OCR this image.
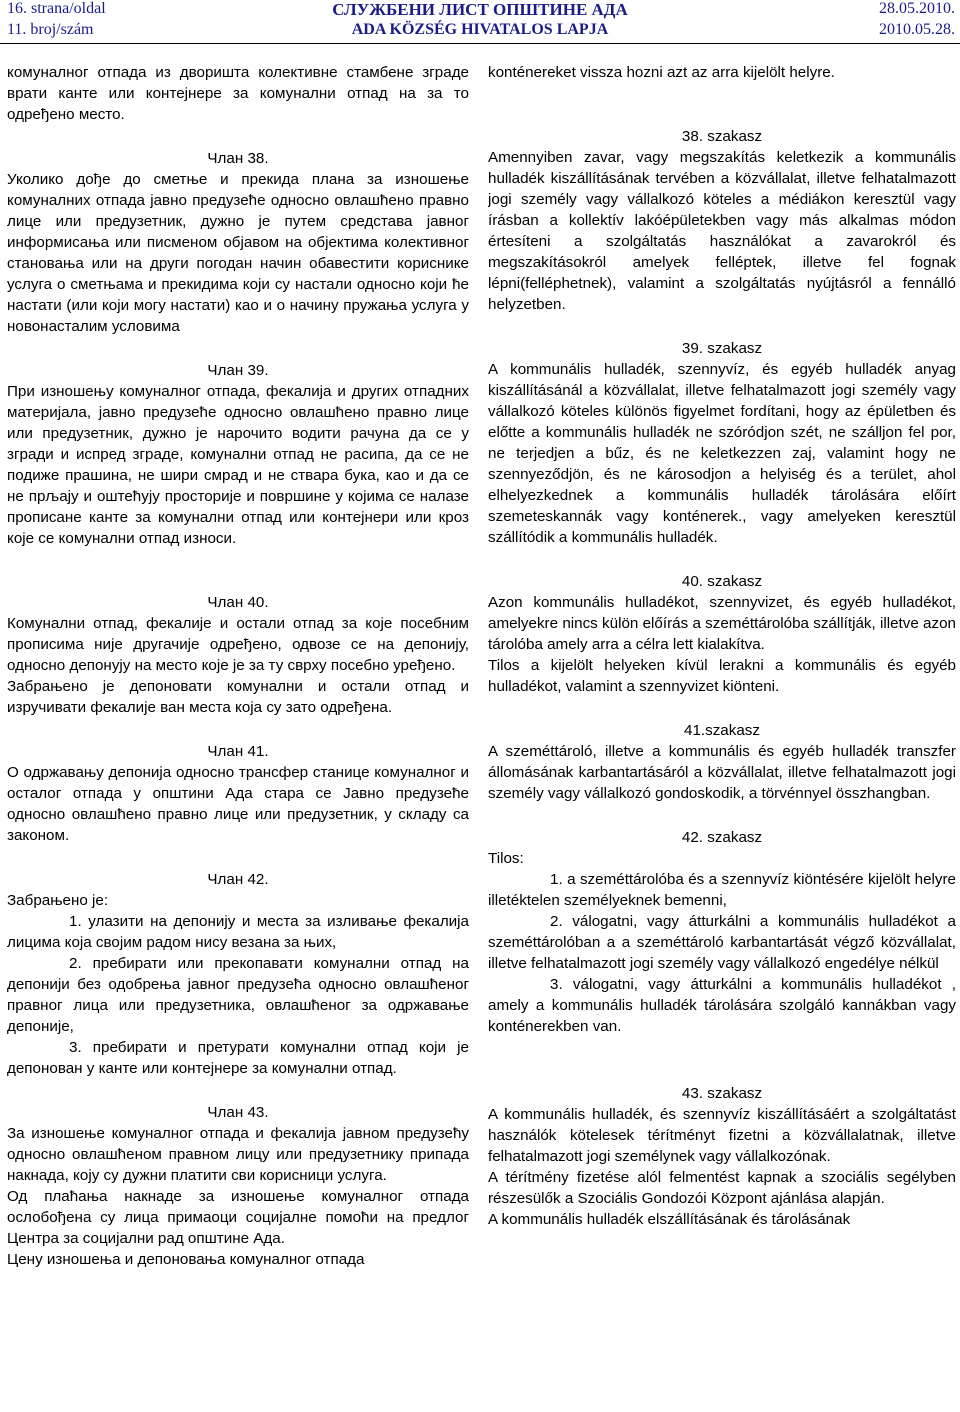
16. strana/oldal
11. broj/szám
СЛУЖБЕНИ ЛИСТ ОПШТИНЕ АДА
ADA KÖZSÉG HIVATALOS LAPJA
28.05.2010.
2010.05.28.

комуналног отпада из дворишта колективне стамбене зграде врати канте или контејнере за комунални отпад на за то одређено место.

Члан 38.

Уколико дође до сметње и прекида плана за изношење комуналних отпада јавно предузеће односно овлашћено правно лице или предузетник, дужно је путем средстава јавног информисања или писменом објавом на објектима колективног становања или на други погодан начин обавестити кориснике услуга о сметњама и прекидима који су настали односно који ће настати (или који могу настати) као и о начину пружања услуга у новонасталим условима

Члан 39.

При изношењу комуналног отпада, фекалија и других отпадних материјала, јавно предузеће односно овлашћено правно лице или предузетник, дужно је нарочито водити рачуна да се у згради и испред зграде, комунални отпад не расипа, да се не подиже прашина, не шири смрад и не ствара бука, као и да се не прљају и оштећују просторије и површине у којима се налазе прописане канте за комунални отпад или контејнери или кроз које се комунални отпад износи.

Члан 40.

Комунални отпад, фекалије и остали отпад за које посебним прописима није другачије одређено, одвозе се на депонију, односно депонују на место које је за ту сврху посебно уређено.

Забрањено је депоновати комунални и остали отпад и изручивати фекалије ван места која су зато одређена.

Члан 41.

О одржавању депонија односно трансфер станице комуналног и осталог отпада у општини Ада стара се Јавно предузеће односно овлашћено правно лице или предузетник, у складу са законом.

Члан 42.

Забрањено је:

1. улазити на депонију и места за изливање фекалија лицима која својим радом нису везана за њих,

2. пребирати или прекопавати комунални отпад на депонији без одобрења јавног предузећа односно овлашћеног правног лица или предузетника, овлашћеног за одржавање депоније,

3. пребирати и претурати комунални отпад који је депонован у канте или контејнере за комунални отпад.

Члан 43.

За изношење комуналног отпада и фекалија јавном предузећу односно овлашћеном правном лицу или предузетнику припада накнада, коју су дужни платити сви корисници услуга.

Од плаћања накнаде за изношење комуналног отпада ослобођена су лица примаоци социјалне помоћи на предлог Центра за социјални рад општине Ада.

Цену изношења и депоновања комуналног отпада

konténereket vissza hozni azt az arra kijelölt helyre.

38. szakasz

Amennyiben zavar, vagy megszakítás keletkezik a kommunális hulladék kiszállításának tervében a közvállalat, illetve felhatalmazott jogi személy vagy vállalkozó köteles a médiákon keresztül vagy írásban a kollektív lakóépületekben vagy más alkalmas módon értesíteni a szolgáltatás használókat a zavarokról és megszakításokról amelyek felléptek, illetve fel fognak lépni(felléphetnek), valamint a szolgáltatás nyújtásról a fennálló helyzetben.

39. szakasz

A kommunális hulladék, szennyvíz, és egyéb hulladék anyag kiszállításánál a közvállalat, illetve felhatalmazott jogi személy vagy vállalkozó köteles különös figyelmet fordítani, hogy az épületben és előtte a kommunális hulladék ne szóródjon szét, ne szálljon fel por, ne terjedjen a bűz, és ne keletkezzen zaj, valamint hogy ne szennyeződjön, és ne károsodjon a helyiség és a terület, ahol elhelyezkednek a kommunális hulladék tárolására előírt szemeteskannák vagy konténerek., vagy amelyeken keresztül szállítódik a kommunális hulladék.

40. szakasz

Azon kommunális hulladékot, szennyvizet, és egyéb hulladékot, amelyekre nincs külön előírás a szeméttárolóba szállítják, illetve azon tárolóba amely arra a célra lett kialakítva.

Tilos a kijelölt helyeken kívül lerakni a kommunális és egyéb hulladékot, valamint a szennyvizet kiönteni.

41.szakasz

A szeméttároló, illetve a kommunális és egyéb hulladék transzfer állomásának karbantartásáról a közvállalat, illetve felhatalmazott jogi személy vagy vállalkozó gondoskodik, a törvénnyel összhangban.

42. szakasz

Tilos:

1. a szeméttárolóba és a szennyvíz kiöntésére kijelölt helyre illetéktelen személyeknek bemenni,

2. válogatni, vagy átturkálni a kommunális hulladékot a szeméttárolóban a a szeméttároló karbantartását végző közvállalat, illetve felhatalmazott jogi személy vagy vállalkozó engedélye nélkül

3. válogatni, vagy átturkálni a kommunális hulladékot , amely a kommunális hulladék tárolására szolgáló kannákban vagy konténerekben van.

43. szakasz

A kommunális hulladék, és szennyvíz kiszállításáért a szolgáltatást használók kötelesek térítményt fizetni a közvállalatnak, illetve felhatalmazott jogi személynek vagy vállalkozónak.

A térítmény fizetése alól felmentést kapnak a szociális segélyben részesülők a Szociális Gondozói Központ ajánlása alapján.

A kommunális hulladék elszállításának és tárolásának
